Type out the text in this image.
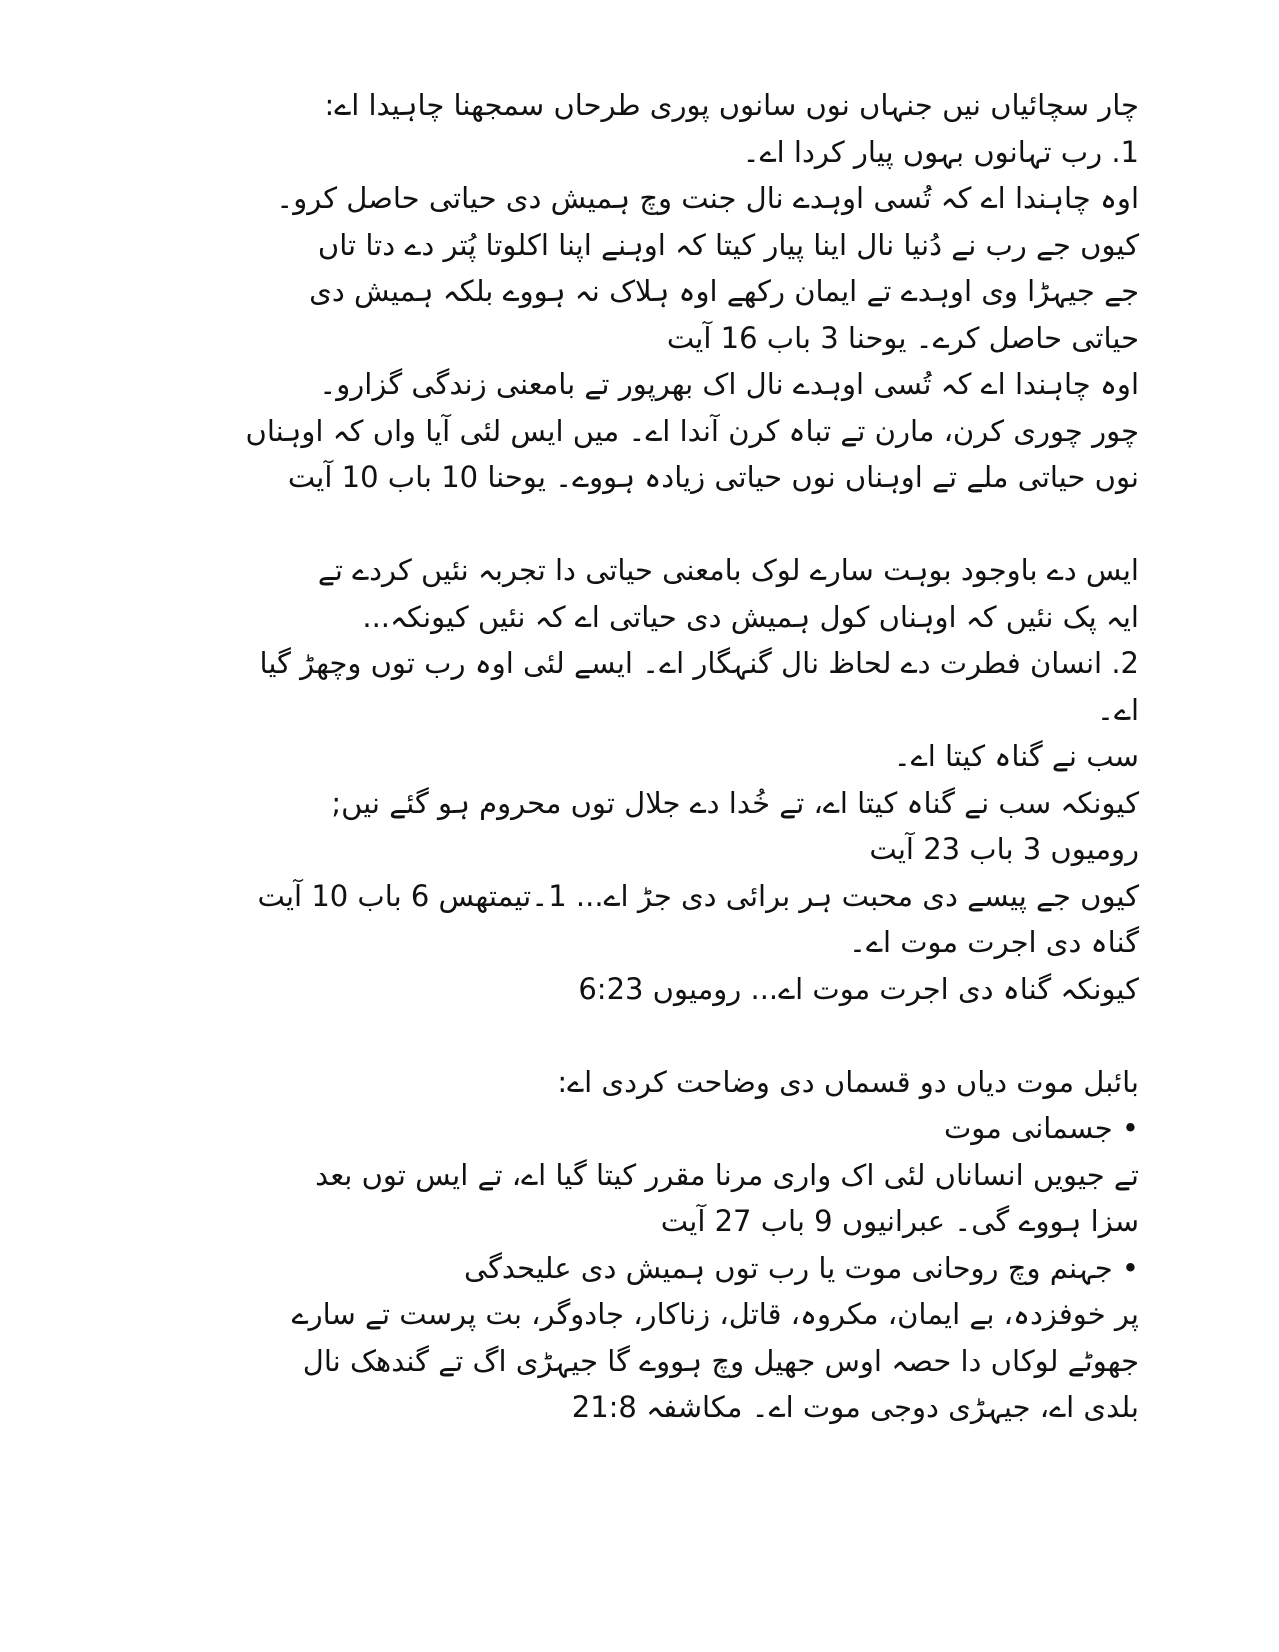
چار سچائیاں نیں جنہاں نوں سانوں پوری طرحاں سمجھنا چاہیدا اے:
1. رب تہانوں بہوں پیار کردا اے۔
اوہ چاہندا اے کہ تُسی اوہدے نال جنت وچ ہمیش دی حیاتی حاصل کرو۔
کیوں جے رب نے دُنیا نال اینا پیار کیتا کہ اوہنے اپنا اکلوتا پُتر دے دتا تاں
جے جیہڑا وی اوہدے تے ایمان رکھے اوہ ہلاک نہ ہووے بلکہ ہمیش دی
حیاتی حاصل کرے۔ یوحنا 3 باب 16 آیت
اوہ چاہندا اے کہ تُسی اوہدے نال اک بھرپور تے بامعنی زندگی گزارو۔
چور چوری کرن، مارن تے تباہ کرن آندا اے۔ میں ایس لئی آیا واں کہ اوہناں
نوں حیاتی ملے تے اوہناں نوں حیاتی زیادہ ہووے۔ یوحنا 10 باب 10 آیت
ایس دے باوجود بوہت سارے لوک بامعنی حیاتی دا تجربہ نئیں کردے تے
ایہ پک نئیں کہ اوہناں کول ہمیش دی حیاتی اے کہ نئیں کیونکہ...
2. انسان فطرت دے لحاظ نال گنہگار اے۔ ایسے لئی اوہ رب توں وچھڑ گیا
اے۔
سب نے گناہ کیتا اے۔
کیونکہ سب نے گناہ کیتا اے، تے خُدا دے جلال توں محروم ہو گئے نیں;
رومیوں 3 باب 23 آیت
کیوں جے پیسے دی محبت ہر برائی دی جڑ اے... 1۔تیمتھس 6 باب 10 آیت
گناہ دی اجرت موت اے۔
کیونکہ گناہ دی اجرت موت اے... رومیوں 6:23
بائبل موت دیاں دو قسماں دی وضاحت کردی اے:
• جسمانی موت
تے جیویں انساناں لئی اک واری مرنا مقرر کیتا گیا اے، تے ایس توں بعد
سزا ہووے گی۔ عبرانیوں 9 باب 27 آیت
• جہنم وچ روحانی موت یا رب توں ہمیش دی علیحدگی
پر خوفزدہ، بے ایمان، مکروہ، قاتل، زناکار، جادوگر، بت پرست تے سارے
جھوٹے لوکاں دا حصہ اوس جھیل وچ ہووے گا جیہڑی اگ تے گندھک نال
بلدی اے، جیہڑی دوجی موت اے۔ مکاشفہ 21:8
